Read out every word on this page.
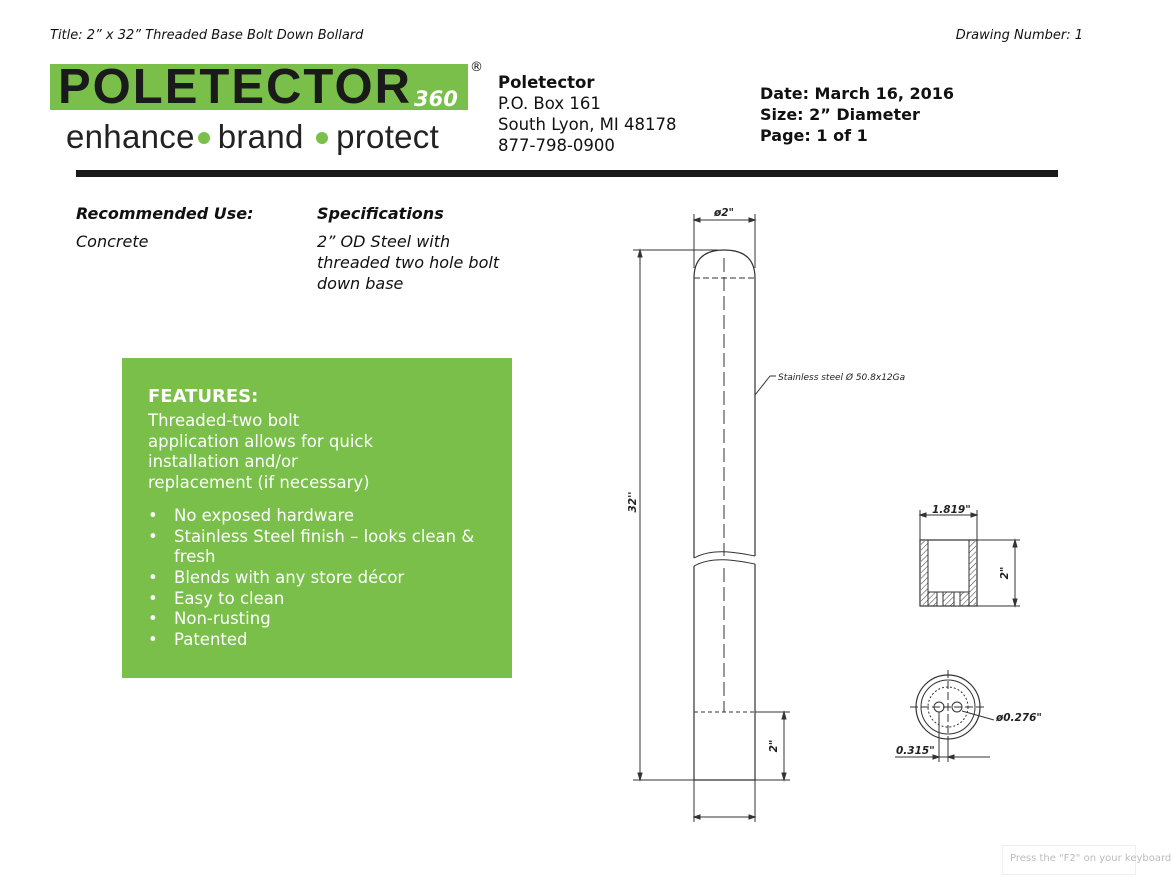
Title: 2” x 32” Threaded Base Bolt Down Bollard	Drawing Number: 1
POLETECTOR 360
®
enhance brand protect
Poletector
P.O. Box 161
South Lyon, MI 48178
877-798-0900
Date: March 16, 2016
Size: 2” Diameter
Page: 1 of 1
Recommended Use:
Concrete
Specifications
2” OD Steel with
threaded two hole bolt
down base
FEATURES:
Threaded-two bolt
application allows for quick
installation and/or
replacement (if necessary)
• No exposed hardware
• Stainless Steel finish – looks clean & fresh
• Blends with any store décor
• Easy to clean
• Non-rusting
• Patented
ø2"
32''
2"
Stainless steel Ø 50.8x12Ga
1.819"
2"
ø0.276"
0.315"
Press the "F2" on your keyboard
